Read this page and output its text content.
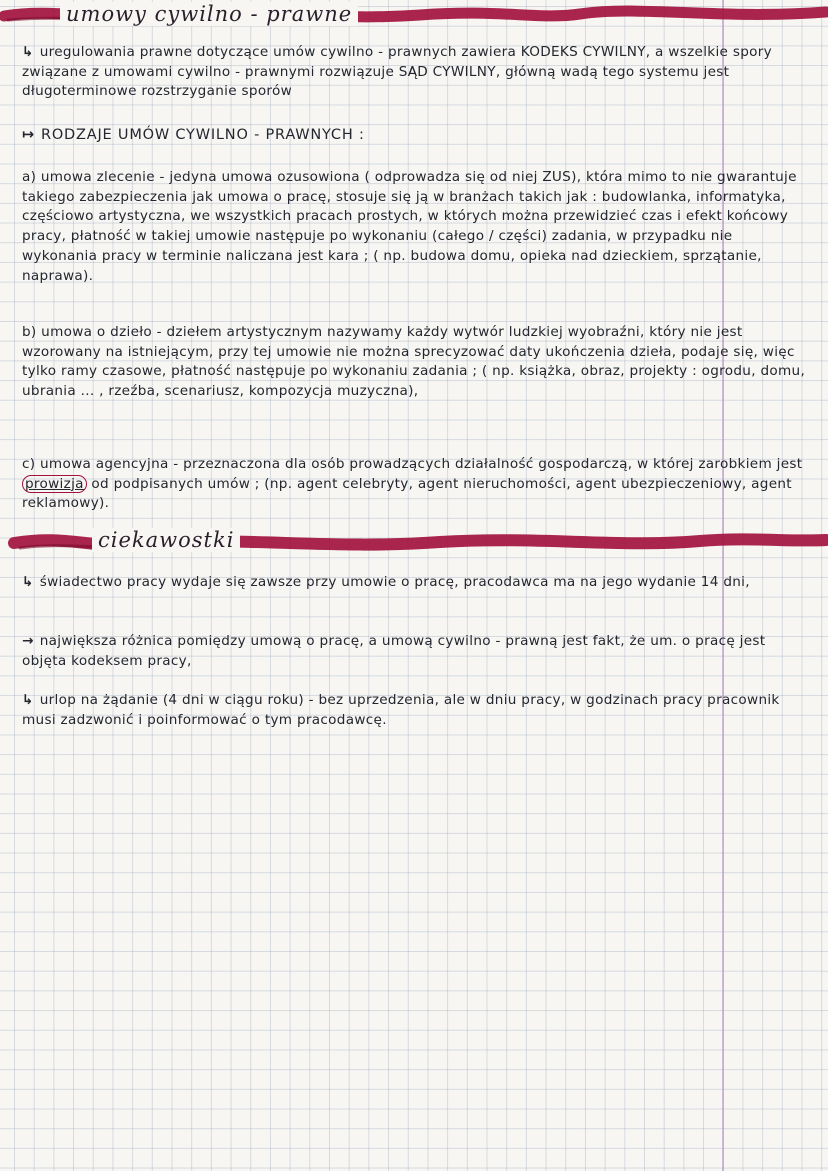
umowy cywilno - prawne

↳ uregulowania prawne dotyczące umów cywilno - prawnych zawiera KODEKS CYWILNY, a wszelkie spory związane z umowami cywilno - prawnymi rozwiązuje SĄD CYWILNY, główną wadą tego systemu jest długoterminowe rozstrzyganie sporów

↦ RODZAJE UMÓW CYWILNO - PRAWNYCH :

a) umowa zlecenie - jedyna umowa ozusowiona ( odprowadza się od niej ZUS), która mimo to nie gwarantuje takiego zabezpieczenia jak umowa o pracę, stosuje się ją w branżach takich jak : budowlanka, informatyka, częściowo artystyczna, we wszystkich pracach prostych, w których można przewidzieć czas i efekt końcowy pracy, płatność w takiej umowie następuje po wykonaniu (całego / części) zadania, w przypadku nie wykonania pracy w terminie naliczana jest kara ; ( np. budowa domu, opieka nad dzieckiem, sprzątanie, naprawa).

b) umowa o dzieło - dziełem artystycznym nazywamy każdy wytwór ludzkiej wyobraźni, który nie jest wzorowany na istniejącym, przy tej umowie nie można sprecyzować daty ukończenia dzieła, podaje się, więc tylko ramy czasowe, płatność następuje po wykonaniu zadania ; ( np. książka, obraz, projekty : ogrodu, domu, ubrania ... , rzeźba, scenariusz, kompozycja muzyczna),

c) umowa agencyjna - przeznaczona dla osób prowadzących działalność gospodarczą, w której zarobkiem jest prowizja od podpisanych umów ; (np. agent celebryty, agent nieruchomości, agent ubezpieczeniowy, agent reklamowy).

ciekawostki

↳ świadectwo pracy wydaje się zawsze przy umowie o pracę, pracodawca ma na jego wydanie 14 dni,

→ największa różnica pomiędzy umową o pracę, a umową cywilno - prawną jest fakt, że um. o pracę jest objęta kodeksem pracy,

↳ urlop na żądanie (4 dni w ciągu roku) - bez uprzedzenia, ale w dniu pracy, w godzinach pracy pracownik musi zadzwonić i poinformować o tym pracodawcę.
